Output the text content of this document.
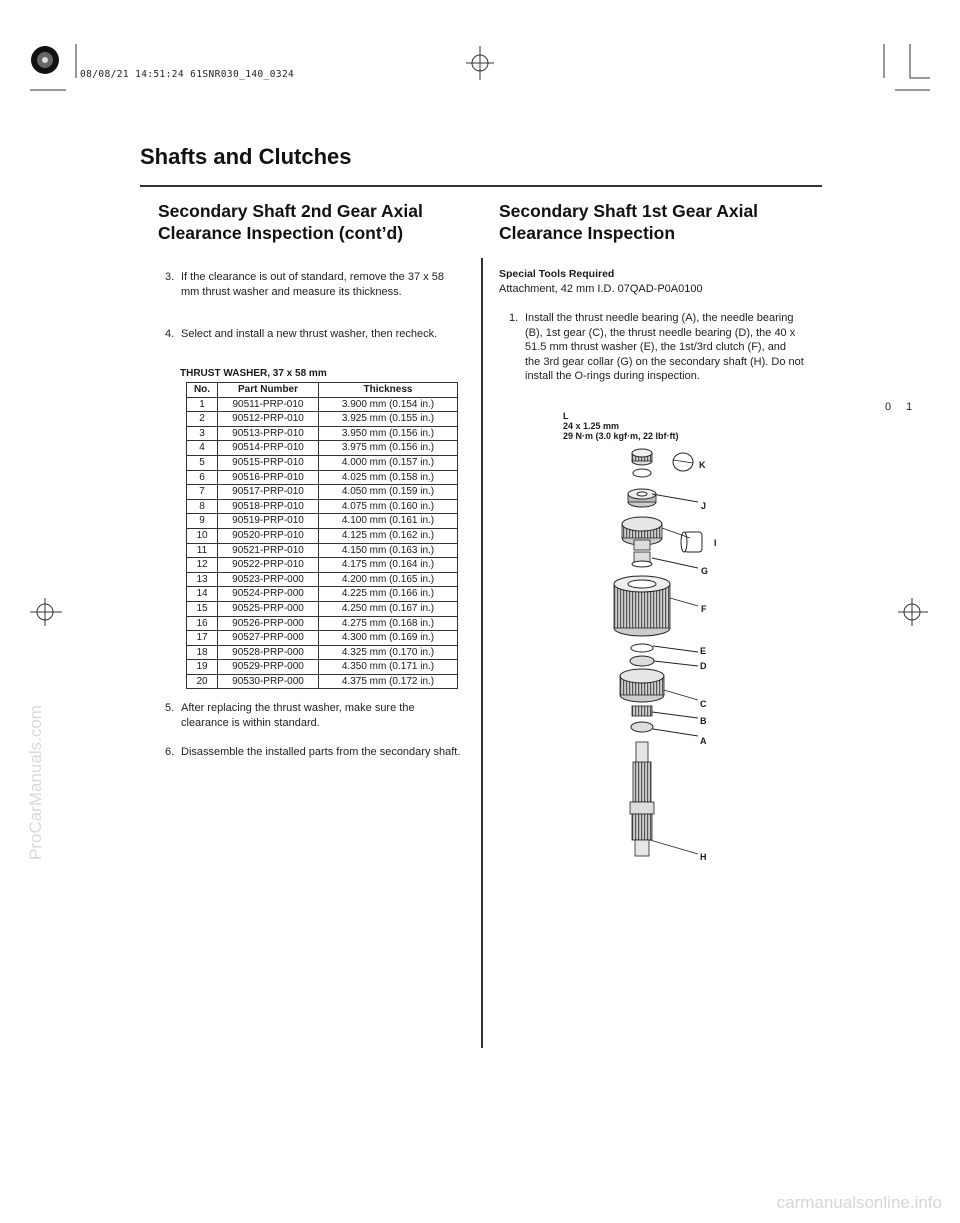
08/08/21 14:51:24 61SNR030_140_0324
ProCarManuals.com
Shafts and Clutches
Secondary Shaft 2nd Gear Axial
Clearance Inspection (cont’d)
Secondary Shaft 1st Gear Axial
Clearance Inspection
3. If the clearance is out of standard, remove the 37 x 58 mm thrust washer and measure its thickness.
4. Select and install a new thrust washer, then recheck.
THRUST WASHER, 37 x 58 mm
No.	Part Number	Thickness
1	90511-PRP-010	3.900 mm (0.154 in.)
2	90512-PRP-010	3.925 mm (0.155 in.)
3	90513-PRP-010	3.950 mm (0.156 in.)
4	90514-PRP-010	3.975 mm (0.156 in.)
5	90515-PRP-010	4.000 mm (0.157 in.)
6	90516-PRP-010	4.025 mm (0.158 in.)
7	90517-PRP-010	4.050 mm (0.159 in.)
8	90518-PRP-010	4.075 mm (0.160 in.)
9	90519-PRP-010	4.100 mm (0.161 in.)
10	90520-PRP-010	4.125 mm (0.162 in.)
11	90521-PRP-010	4.150 mm (0.163 in.)
12	90522-PRP-010	4.175 mm (0.164 in.)
13	90523-PRP-000	4.200 mm (0.165 in.)
14	90524-PRP-000	4.225 mm (0.166 in.)
15	90525-PRP-000	4.250 mm (0.167 in.)
16	90526-PRP-000	4.275 mm (0.168 in.)
17	90527-PRP-000	4.300 mm (0.169 in.)
18	90528-PRP-000	4.325 mm (0.170 in.)
19	90529-PRP-000	4.350 mm (0.171 in.)
20	90530-PRP-000	4.375 mm (0.172 in.)
5. After replacing the thrust washer, make sure the clearance is within standard.
6. Disassemble the installed parts from the secondary shaft.
Special Tools Required
Attachment, 42 mm I.D. 07QAD-P0A0100
1. Install the thrust needle bearing (A), the needle bearing (B), 1st gear (C), the thrust needle bearing (D), the 40 x 51.5 mm thrust washer (E), the 1st/3rd clutch (F), and the 3rd gear collar (G) on the secondary shaft (H). Do not install the O-rings during inspection.
L
24 x 1.25 mm
29 N·m (3.0 kgf·m, 22 lbf·ft)
K
J
I
G
F
E
D
C
B
A
H
0 1
carmanualsonline.info
